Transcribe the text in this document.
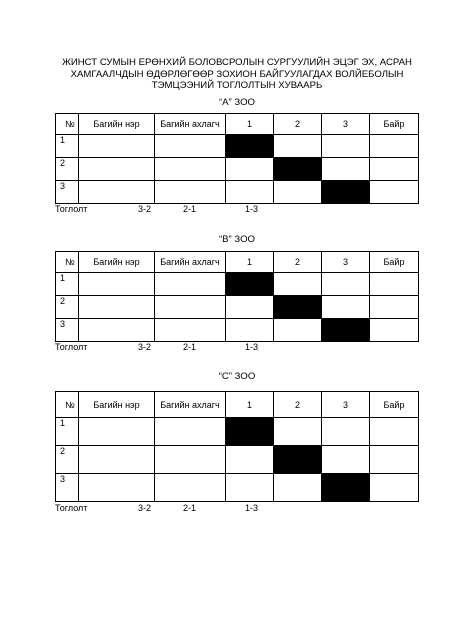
ЖИНСТ СУМЫН ЕРӨНХИЙ БОЛОВСРОЛЫН СУРГУУЛИЙН ЭЦЭГ ЭХ, АСРАН
ХАМГААЛЧДЫН ӨДӨРЛӨГӨӨР ЗОХИОН БАЙГУУЛАГДАХ ВОЛЙЕБОЛЫН
ТЭМЦЭЭНИЙ ТОГЛОЛТЫН ХУВААРЬ
“А” ЗОО
№	Багийн нэр	Багийн ахлагч	1	2	3	Байр
1						
2						
3						
Тоглолт	3-2	2-1	1-3
“В” ЗОО
№	Багийн нэр	Багийн ахлагч	1	2	3	Байр
1						
2						
3						
Тоглолт	3-2	2-1	1-3
“С” ЗОО
№	Багийн нэр	Багийн ахлагч	1	2	3	Байр
1						
2						
3						
Тоглолт	3-2	2-1	1-3
